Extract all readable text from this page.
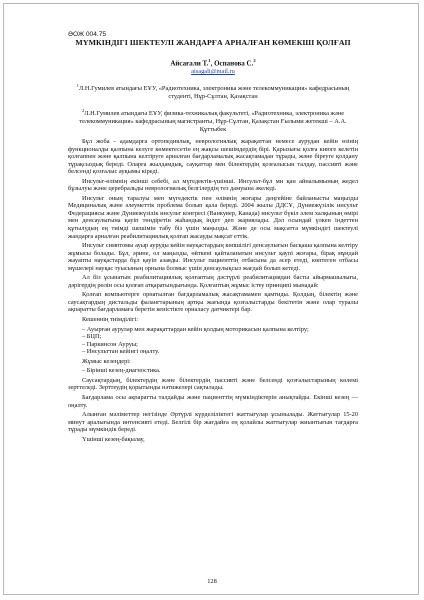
ӘОЖ 004.75
МҮМКІНДІГІ ШЕКТЕУЛІ ЖАНДАРҒА АРНАЛҒАН КӨМЕКШІ ҚОЛҒАП
Айсағали Т.$^1$, Оспанова С.$^2$
aisagali@mail.ru
$^1$Л.Н.Гумилев атындағы ЕҰУ, «Радиотехника, электроника және телекоммуникация» кафедрасының студенті, Нұр-Сұлтан, Қазақстан
$^2$Л.Н.Гумилев атындағы ЕҰУ, физика-техникалық факультеті, «Радиотехника, электроника және телекоммуникация» кафедрасының магистранты, Нұр-Сұлтан, Қазақстан Ғылыми жетекші – А.А. Құттыбек

Бұл жоба - адамдарға ортопедиялық, неврологиялық жарақаттан немесе аурудан кейін өзінің функционалды қалпына келуге көмектесетін ең жақсы шешімдердің бірі. Қарызығы қолға киюге келетін қолғаппен және қалпына келтіруге арналған бағдарламалық жасақтамадан тұрады, және біреуге қолдану тұрақсыздық береді. Оларға жылдамдық, сауқаттар мен білектердің қозғалысын талдау, пассивті және белсенді қозғалыс ауқымы кіреді.

Инсульт-өлімнің екінші себебі, ал мүгедектік-үшінші. Инсульт-бұл ми қан айналымының жедел бұзылуы және церебральды неврологиялық белгілердің тез дамуына әкеледі.

Инсульт оның таралуы мен мүгедектік пен өлімнің жоғары деңгейіне байланысты маңызды Медициналық және әлеуметтік проблема болып қала береді. 2004 жылы ДДСҰ, Дүниежүзілік инсульт Федерациясы және Дүниежүзілік инсульт конгресі (Ванкувер, Канада) инсульт бүкіл әлем халқының өмірі мен денсаулығына қауіп төндіретін жаһандық індет деп жариялады. Дәл осындай үлкен індеттен құтылудың ең тиімді шешімін табу біз үшін маңызды. Және де осы мақсатта мүмкіндігі шектеулі жандарға арналған реабилитациялық қолғап жасауды мақсат еттік.

Инсульт симптомы ауыр ауруды кейін науқастардың көпшілігі денсаулығын басқаша қалпына келтіру жұмысы болады. Бұл, әрине, ол маңызды, өйткені қайталанатын инсульт қаупі жоғары, бірақ мұндай жауапты науқастарда бұл қауіп азаяды. Инсульт пациенттің отбасына да әсер етеді, көптеген отбасы мүшелері науқас туысының орнына болмыс үшін денсаулықсыз жағдай болып кетеді.

Ал біз ұсынатын реабилитациялық қолғаптың дәстүрлі реабилитациядан басты айырмашылығы, дәрігердің рөлін осы қолғап атқаратындығында. Қолғаптың жұмыс істеу принципі мынадай:

Қолғап компьютерге орнатылған бағдарламалық жасақтамамен қамтиды. Қолдың, білектің және саусақтардың дистальды фалангтарының артқы жағында қозғалыстарды бекітетін және олар туралы ақпаратты бағдарламаға беретін кеністікте орналасу датчиктері бар.

Кешеннің тиімділігі:

– Ауырған аурулар мен жарақаттардан кейін қолдың моторикасын қалпына келтіру;
– БЦП;
– Паркинсон Ауруы;
– Инсульттан кейінгі оңалту.

Жұмыс кезеңдері:

– Бірінші кезең-диагностика.

Саусақтардың, білектердің және білектердің пассивті және белсенді қозғалыстарының көлемі зерттеледі. Зерттеудің қорытынды нәтижелері сақталады.

Бағдарлама осы ақпаратты талдайды және пациенттің мүмкіндіктерін анықтайды. Екінші кезең — оңалту.

Алынған мәліметтер негізінде Әртүрлі күрделіліктегі жаттығулар ұсынылады. Жаттығулар 15-20 минут аралығында интенсивті етеді. Белгілі бір жағдайға ең қолайлы жаттығулар жиынтығын тағдарға тұрады мүмкіндік береді.

Үшінші кезең-бақылау,

128
